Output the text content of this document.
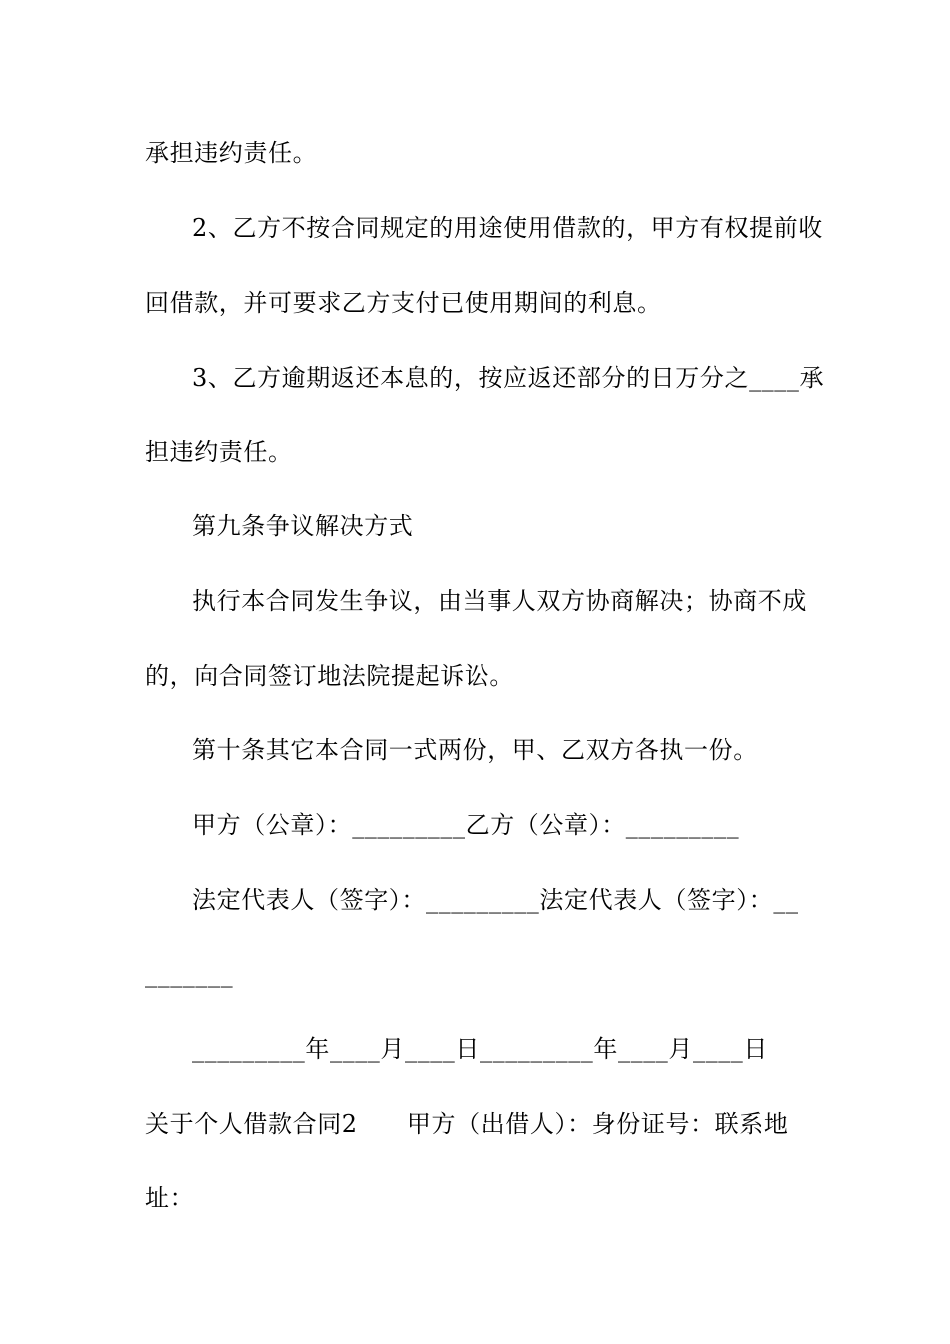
承担违约责任。
2、乙方不按合同规定的用途使用借款的，甲方有权提前收
回借款，并可要求乙方支付已使用期间的利息。
3、乙方逾期返还本息的，按应返还部分的日万分之____承
担违约责任。
第九条争议解决方式
执行本合同发生争议，由当事人双方协商解决；协商不成
的，向合同签订地法院提起诉讼。
第十条其它本合同一式两份，甲、乙双方各执一份。
甲方（公章）：_________乙方（公章）：_________
法定代表人（签字）：_________法定代表人（签字）：__
_______
_________年____月____日_________年____月____日
关于个人借款合同2　　甲方（出借人）：身份证号：联系地
址：
